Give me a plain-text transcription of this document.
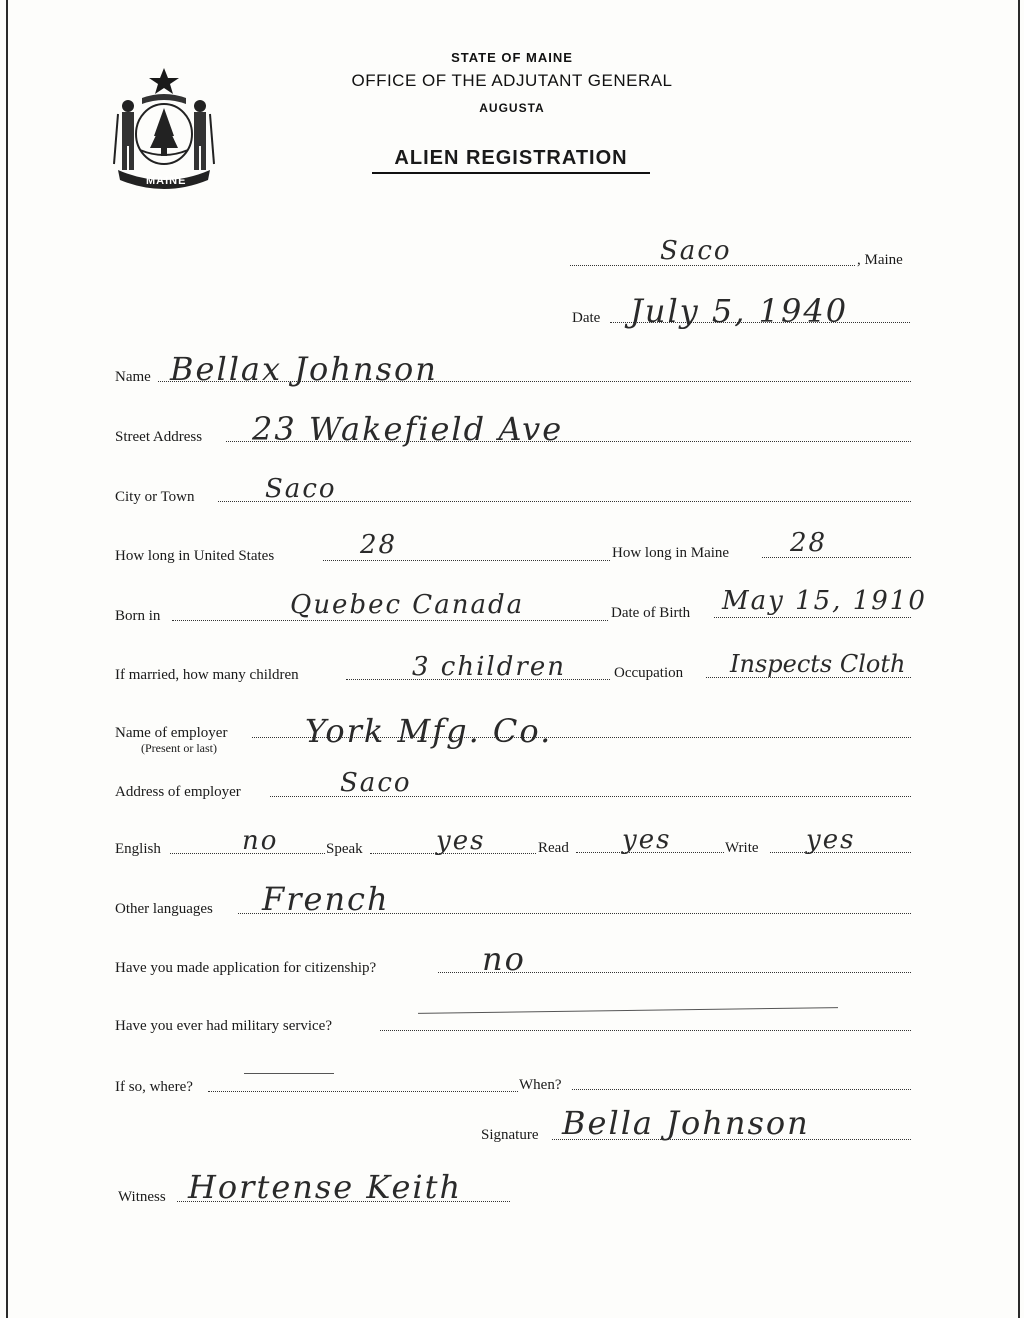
MAINE
STATE OF MAINE
OFFICE OF THE ADJUTANT GENERAL
AUGUSTA
ALIEN REGISTRATION
Saco	, Maine
Date July 5, 1940
Name Bellax Johnson
Street Address 23 Wakefield Ave
City or Town	Saco
How long in United States	28	How long in Maine 28
Born in	Quebec Canada	Date of Birth May 15, 1910
If married, how many children	3 children	Occupation Inspects Cloth
Name of employer
(Present or last)	York Mfg. Co.
Address of employer	Saco
English	no	Speak	yes	Read yes	Write yes
Other languages French
Have you made application for citizenship?	no
Have you ever had military service?
If so, where?	When?
Signature Bella Johnson
Witness Hortense Keith
